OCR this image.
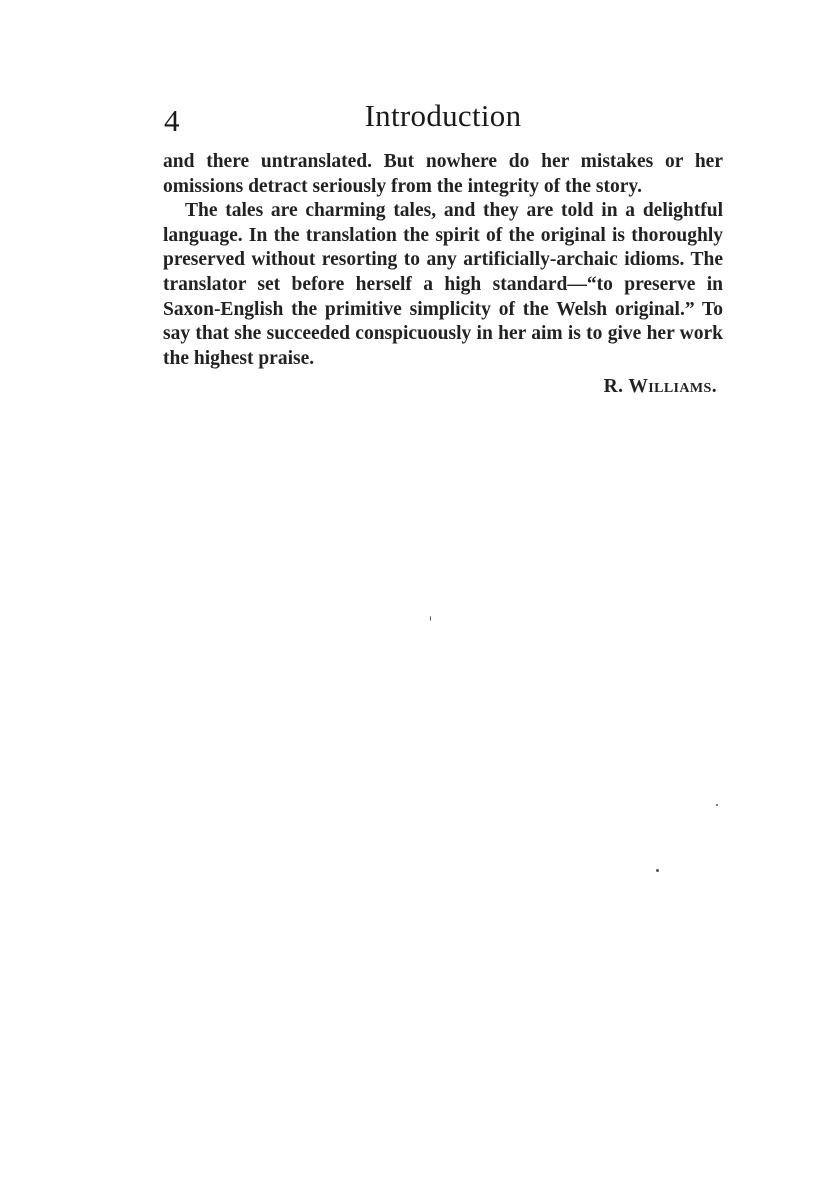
4	Introduction

and there untranslated. But nowhere do her mistakes or her omissions detract seriously from the integrity of the story.

The tales are charming tales, and they are told in a delightful language. In the translation the spirit of the original is thoroughly preserved without resorting to any artificially-archaic idioms. The translator set before herself a high standard—“to preserve in Saxon-English the primitive simplicity of the Welsh original.” To say that she succeeded conspicuously in her aim is to give her work the highest praise.

R. Williams.
